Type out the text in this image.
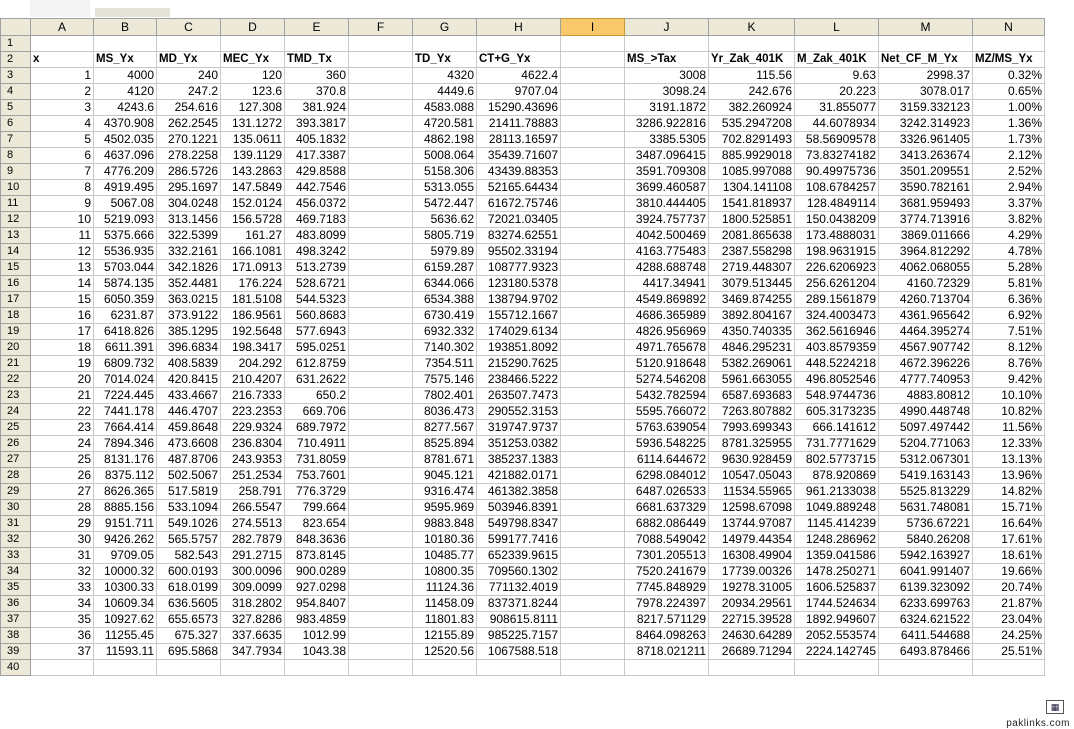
	A	B	C	D	E	F	G	H	I	J	K	L	M	N
1														
2	x	MS_Yx	MD_Yx	MEC_Yx	TMD_Tx		TD_Yx	CT+G_Yx		MS_>Tax	Yr_Zak_401K	M_Zak_401K	Net_CF_M_Yx	MZ/MS_Yx
3	1	4000	240	120	360		4320	4622.4		3008	115.56	9.63	2998.37	0.32%
4	2	4120	247.2	123.6	370.8		4449.6	9707.04		3098.24	242.676	20.223	3078.017	0.65%
5	3	4243.6	254.616	127.308	381.924		4583.088	15290.43696		3191.1872	382.260924	31.855077	3159.332123	1.00%
6	4	4370.908	262.2545	131.1272	393.3817		4720.581	21411.78883		3286.922816	535.2947208	44.6078934	3242.314923	1.36%
7	5	4502.035	270.1221	135.0611	405.1832		4862.198	28113.16597		3385.5305	702.8291493	58.56909578	3326.961405	1.73%
8	6	4637.096	278.2258	139.1129	417.3387		5008.064	35439.71607		3487.096415	885.9929018	73.83274182	3413.263674	2.12%
9	7	4776.209	286.5726	143.2863	429.8588		5158.306	43439.88353		3591.709308	1085.997088	90.49975736	3501.209551	2.52%
10	8	4919.495	295.1697	147.5849	442.7546		5313.055	52165.64434		3699.460587	1304.141108	108.6784257	3590.782161	2.94%
11	9	5067.08	304.0248	152.0124	456.0372		5472.447	61672.75746		3810.444405	1541.818937	128.4849114	3681.959493	3.37%
12	10	5219.093	313.1456	156.5728	469.7183		5636.62	72021.03405		3924.757737	1800.525851	150.0438209	3774.713916	3.82%
13	11	5375.666	322.5399	161.27	483.8099		5805.719	83274.62551		4042.500469	2081.865638	173.4888031	3869.011666	4.29%
14	12	5536.935	332.2161	166.1081	498.3242		5979.89	95502.33194		4163.775483	2387.558298	198.9631915	3964.812292	4.78%
15	13	5703.044	342.1826	171.0913	513.2739		6159.287	108777.9323		4288.688748	2719.448307	226.6206923	4062.068055	5.28%
16	14	5874.135	352.4481	176.224	528.6721		6344.066	123180.5378		4417.34941	3079.513445	256.6261204	4160.72329	5.81%
17	15	6050.359	363.0215	181.5108	544.5323		6534.388	138794.9702		4549.869892	3469.874255	289.1561879	4260.713704	6.36%
18	16	6231.87	373.9122	186.9561	560.8683		6730.419	155712.1667		4686.365989	3892.804167	324.4003473	4361.965642	6.92%
19	17	6418.826	385.1295	192.5648	577.6943		6932.332	174029.6134		4826.956969	4350.740335	362.5616946	4464.395274	7.51%
20	18	6611.391	396.6834	198.3417	595.0251		7140.302	193851.8092		4971.765678	4846.295231	403.8579359	4567.907742	8.12%
21	19	6809.732	408.5839	204.292	612.8759		7354.511	215290.7625		5120.918648	5382.269061	448.5224218	4672.396226	8.76%
22	20	7014.024	420.8415	210.4207	631.2622		7575.146	238466.5222		5274.546208	5961.663055	496.8052546	4777.740953	9.42%
23	21	7224.445	433.4667	216.7333	650.2		7802.401	263507.7473		5432.782594	6587.693683	548.9744736	4883.80812	10.10%
24	22	7441.178	446.4707	223.2353	669.706		8036.473	290552.3153		5595.766072	7263.807882	605.3173235	4990.448748	10.82%
25	23	7664.414	459.8648	229.9324	689.7972		8277.567	319747.9737		5763.639054	7993.699343	666.141612	5097.497442	11.56%
26	24	7894.346	473.6608	236.8304	710.4911		8525.894	351253.0382		5936.548225	8781.325955	731.7771629	5204.771063	12.33%
27	25	8131.176	487.8706	243.9353	731.8059		8781.671	385237.1383		6114.644672	9630.928459	802.5773715	5312.067301	13.13%
28	26	8375.112	502.5067	251.2534	753.7601		9045.121	421882.0171		6298.084012	10547.05043	878.920869	5419.163143	13.96%
29	27	8626.365	517.5819	258.791	776.3729		9316.474	461382.3858		6487.026533	11534.55965	961.2133038	5525.813229	14.82%
30	28	8885.156	533.1094	266.5547	799.664		9595.969	503946.8391		6681.637329	12598.67098	1049.889248	5631.748081	15.71%
31	29	9151.711	549.1026	274.5513	823.654		9883.848	549798.8347		6882.086449	13744.97087	1145.414239	5736.67221	16.64%
32	30	9426.262	565.5757	282.7879	848.3636		10180.36	599177.7416		7088.549042	14979.44354	1248.286962	5840.26208	17.61%
33	31	9709.05	582.543	291.2715	873.8145		10485.77	652339.9615		7301.205513	16308.49904	1359.041586	5942.163927	18.61%
34	32	10000.32	600.0193	300.0096	900.0289		10800.35	709560.1302		7520.241679	17739.00326	1478.250271	6041.991407	19.66%
35	33	10300.33	618.0199	309.0099	927.0298		11124.36	771132.4019		7745.848929	19278.31005	1606.525837	6139.323092	20.74%
36	34	10609.34	636.5605	318.2802	954.8407		11458.09	837371.8244		7978.224397	20934.29561	1744.524634	6233.699763	21.87%
37	35	10927.62	655.6573	327.8286	983.4859		11801.83	908615.8111		8217.571129	22715.39528	1892.949607	6324.621522	23.04%
38	36	11255.45	675.327	337.6635	1012.99		12155.89	985225.7157		8464.098263	24630.64289	2052.553574	6411.544688	24.25%
39	37	11593.11	695.5868	347.7934	1043.38		12520.56	1067588.518		8718.021211	26689.71294	2224.142745	6493.878466	25.51%
40														
▦
paklinks.com
